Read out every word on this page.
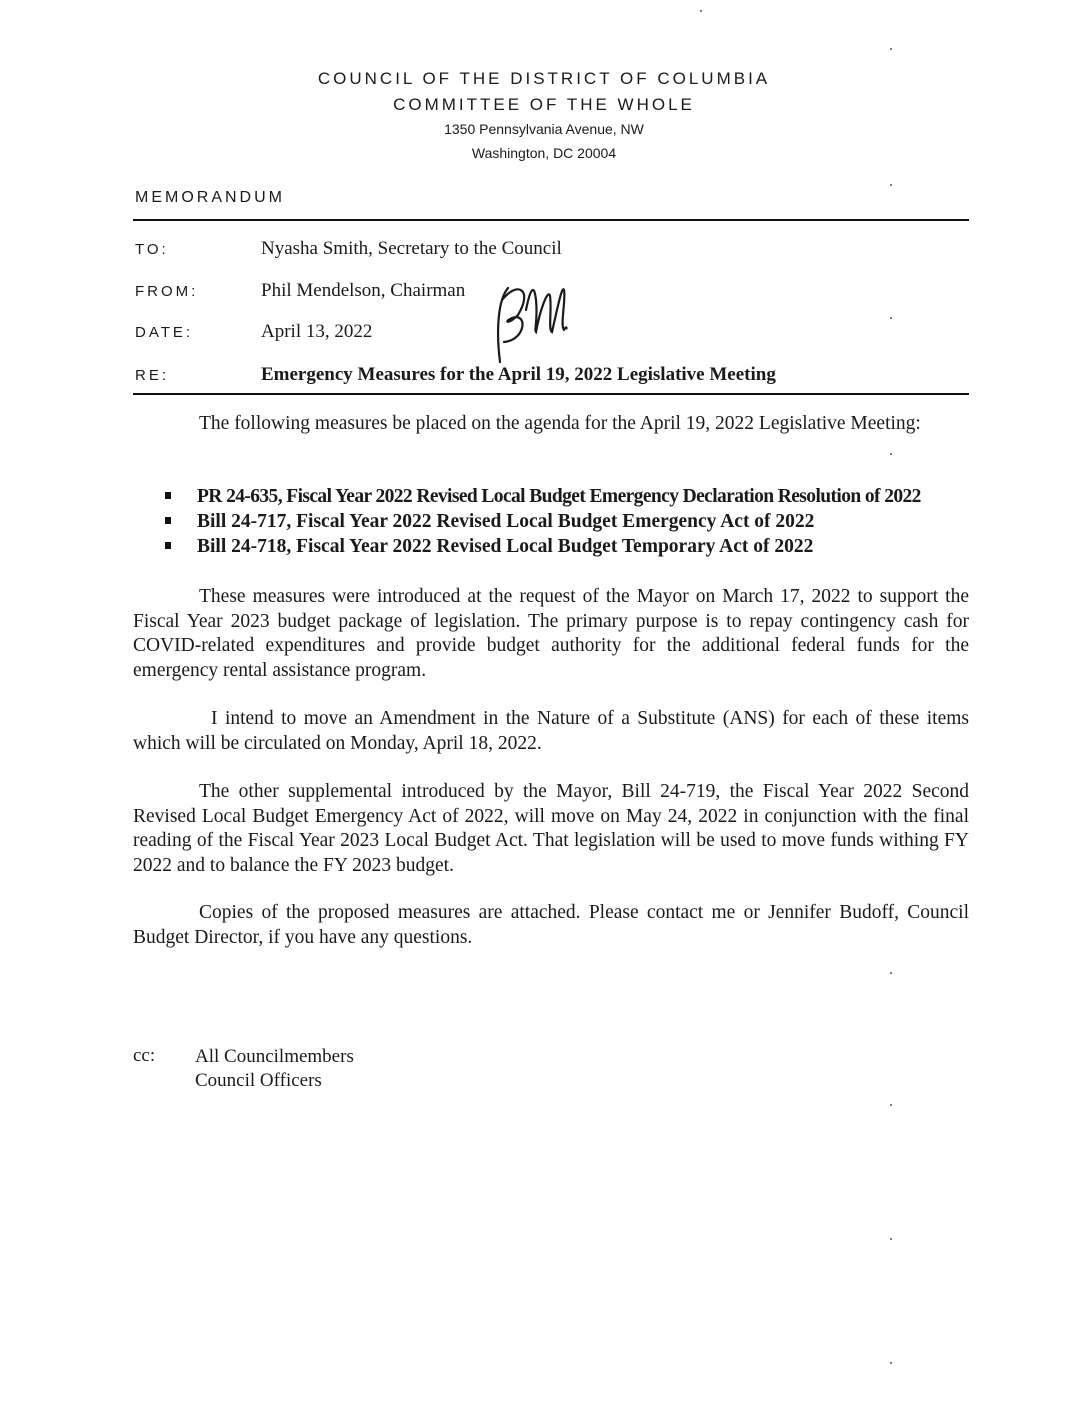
COUNCIL OF THE DISTRICT OF COLUMBIA
COMMITTEE OF THE WHOLE
1350 Pennsylvania Avenue, NW
Washington, DC 20004
MEMORANDUM
TO:	Nyasha Smith, Secretary to the Council
FROM:	Phil Mendelson, Chairman
DATE:	April 13, 2022
RE:	Emergency Measures for the April 19, 2022 Legislative Meeting
The following measures be placed on the agenda for the April 19, 2022 Legislative Meeting:
PR 24-635, Fiscal Year 2022 Revised Local Budget Emergency Declaration Resolution of 2022
Bill 24-717, Fiscal Year 2022 Revised Local Budget Emergency Act of 2022
Bill 24-718, Fiscal Year 2022 Revised Local Budget Temporary Act of 2022
These measures were introduced at the request of the Mayor on March 17, 2022 to support the Fiscal Year 2023 budget package of legislation. The primary purpose is to repay contingency cash for COVID-related expenditures and provide budget authority for the additional federal funds for the emergency rental assistance program.
I intend to move an Amendment in the Nature of a Substitute (ANS) for each of these items which will be circulated on Monday, April 18, 2022.
The other supplemental introduced by the Mayor, Bill 24-719, the Fiscal Year 2022 Second Revised Local Budget Emergency Act of 2022, will move on May 24, 2022 in conjunction with the final reading of the Fiscal Year 2023 Local Budget Act. That legislation will be used to move funds withing FY 2022 and to balance the FY 2023 budget.
Copies of the proposed measures are attached. Please contact me or Jennifer Budoff, Council Budget Director, if you have any questions.
cc: All Councilmembers
Council Officers
